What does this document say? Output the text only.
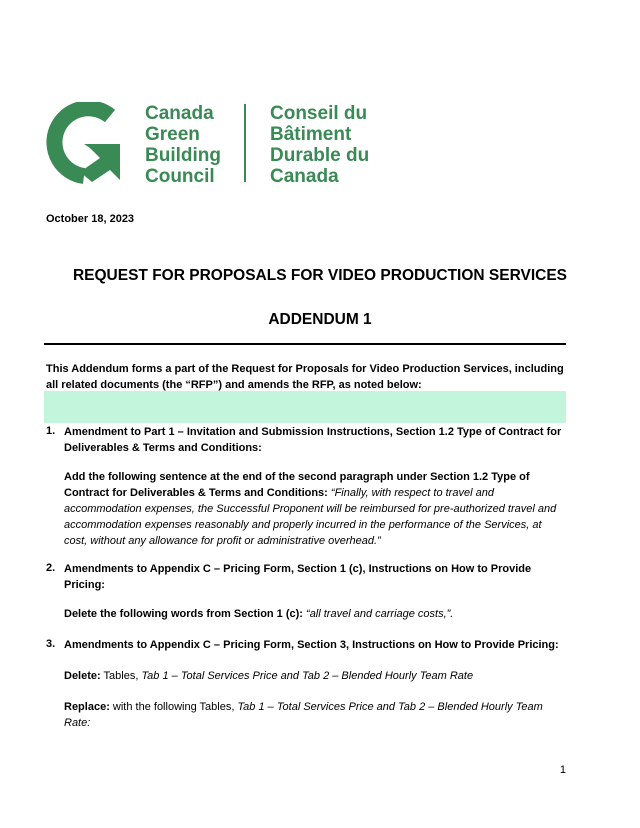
Canada
Green
Building
Council
Conseil du
Bâtiment
Durable du
Canada
October 18, 2023
REQUEST FOR PROPOSALS FOR VIDEO PRODUCTION SERVICES
ADDENDUM 1
This Addendum forms a part of the Request for Proposals for Video Production Services, including all related documents (the “RFP”) and amends the RFP, as noted below:
1. Amendment to Part 1 – Invitation and Submission Instructions, Section 1.2 Type of Contract for Deliverables & Terms and Conditions:
Add the following sentence at the end of the second paragraph under Section 1.2 Type of Contract for Deliverables & Terms and Conditions: “Finally, with respect to travel and accommodation expenses, the Successful Proponent will be reimbursed for pre-authorized travel and accommodation expenses reasonably and properly incurred in the performance of the Services, at cost, without any allowance for profit or administrative overhead.”
2. Amendments to Appendix C – Pricing Form, Section 1 (c), Instructions on How to Provide Pricing:
Delete the following words from Section 1 (c): “all travel and carriage costs,”.
3. Amendments to Appendix C – Pricing Form, Section 3, Instructions on How to Provide Pricing:
Delete: Tables, Tab 1 – Total Services Price and Tab 2 – Blended Hourly Team Rate
Replace: with the following Tables, Tab 1 – Total Services Price and Tab 2 – Blended Hourly Team Rate:
1
